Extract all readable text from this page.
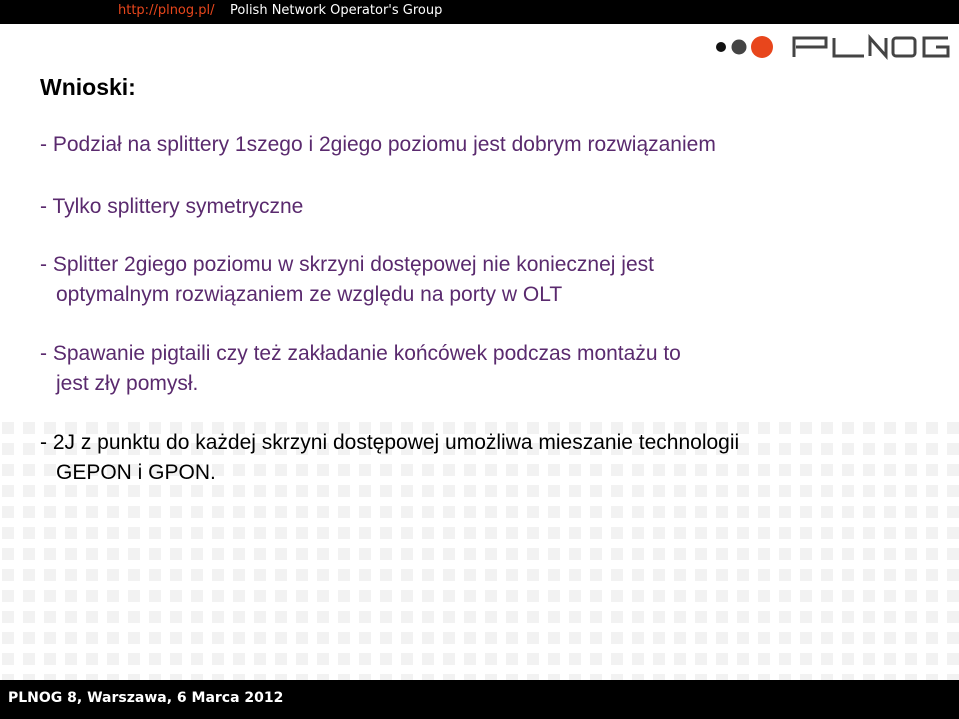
http://plnog.pl/ Polish Network Operator's Group
Wnioski:
- Podział na splittery 1szego i 2giego poziomu jest dobrym rozwiązaniem
- Tylko splittery symetryczne
- Splitter 2giego poziomu w skrzyni dostępowej nie koniecznej jest
optymalnym rozwiązaniem ze względu na porty w OLT
- Spawanie pigtaili czy też zakładanie końcówek podczas montażu to
jest zły pomysł.
- 2J z punktu do każdej skrzyni dostępowej umożliwa mieszanie technologii
GEPON i GPON.
PLNOG 8, Warszawa, 6 Marca 2012
